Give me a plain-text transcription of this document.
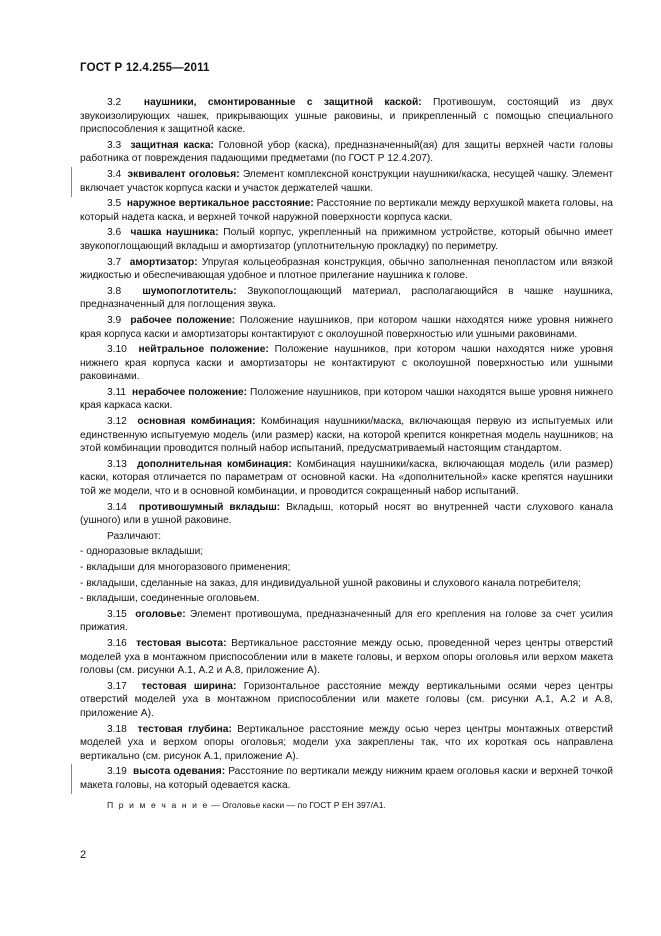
ГОСТ Р 12.4.255—2011

3.2 наушники, смонтированные с защитной каской: Противошум, состоящий из двух звукоизолирующих чашек, прикрывающих ушные раковины, и прикрепленный с помощью специального приспособления к защитной каске.

3.3 защитная каска: Головной убор (каска), предназначенный(ая) для защиты верхней части головы работника от повреждения падающими предметами (по ГОСТ Р 12.4.207).

3.4 эквивалент оголовья: Элемент комплексной конструкции наушники/каска, несущей чашку. Элемент включает участок корпуса каски и участок держателей чашки.

3.5 наружное вертикальное расстояние: Расстояние по вертикали между верхушкой макета головы, на который надета каска, и верхней точкой наружной поверхности корпуса каски.

3.6 чашка наушника: Полый корпус, укрепленный на прижимном устройстве, который обычно имеет звукопоглощающий вкладыш и амортизатор (уплотнительную прокладку) по периметру.

3.7 амортизатор: Упругая кольцеобразная конструкция, обычно заполненная пенопластом или вязкой жидкостью и обеспечивающая удобное и плотное прилегание наушника к голове.

3.8 шумопоглотитель: Звукопоглощающий материал, располагающийся в чашке наушника, предназначенный для поглощения звука.

3.9 рабочее положение: Положение наушников, при котором чашки находятся ниже уровня нижнего края корпуса каски и амортизаторы контактируют с околоушной поверхностью или ушными раковинами.

3.10 нейтральное положение: Положение наушников, при котором чашки находятся ниже уровня нижнего края корпуса каски и амортизаторы не контактируют с околоушной поверхностью или ушными раковинами.

3.11 нерабочее положение: Положение наушников, при котором чашки находятся выше уровня нижнего края каркаса каски.

3.12 основная комбинация: Комбинация наушники/маска, включающая первую из испытуемых или единственную испытуемую модель (или размер) каски, на которой крепится конкретная модель наушников; на этой комбинации проводится полный набор испытаний, предусматриваемый настоящим стандартом.

3.13 дополнительная комбинация: Комбинация наушники/каска, включающая модель (или размер) каски, которая отличается по параметрам от основной каски. На «дополнительной» каске крепятся наушники той же модели, что и в основной комбинации, и проводится сокращенный набор испытаний.

3.14 противошумный вкладыш: Вкладыш, который носят во внутренней части слухового канала (ушного) или в ушной раковине.

Различают:

- одноразовые вкладыши;

- вкладыши для многоразового применения;

- вкладыши, сделанные на заказ, для индивидуальной ушной раковины и слухового канала потребителя;

- вкладыши, соединенные оголовьем.

3.15 оголовье: Элемент противошума, предназначенный для его крепления на голове за счет усилия прижатия.

3.16 тестовая высота: Вертикальное расстояние между осью, проведенной через центры отверстий моделей уха в монтажном приспособлении или в макете головы, и верхом опоры оголовья или верхом макета головы (см. рисунки А.1, А.2 и А.8, приложение А).

3.17 тестовая ширина: Горизонтальное расстояние между вертикальными осями через центры отверстий моделей уха в монтажном приспособлении или макете головы (см. рисунки А.1, А.2 и А.8, приложение А).

3.18 тестовая глубина: Вертикальное расстояние между осью через центры монтажных отверстий моделей уха и верхом опоры оголовья; модели уха закреплены так, что их короткая ось направлена вертикально (см. рисунок А.1, приложение А).

3.19 высота одевания: Расстояние по вертикали между нижним краем оголовья каски и верхней точкой макета головы, на который одевается каска.

П р и м е ч а н и е — Оголовье каски — по ГОСТ Р ЕН 397/А1.

2
